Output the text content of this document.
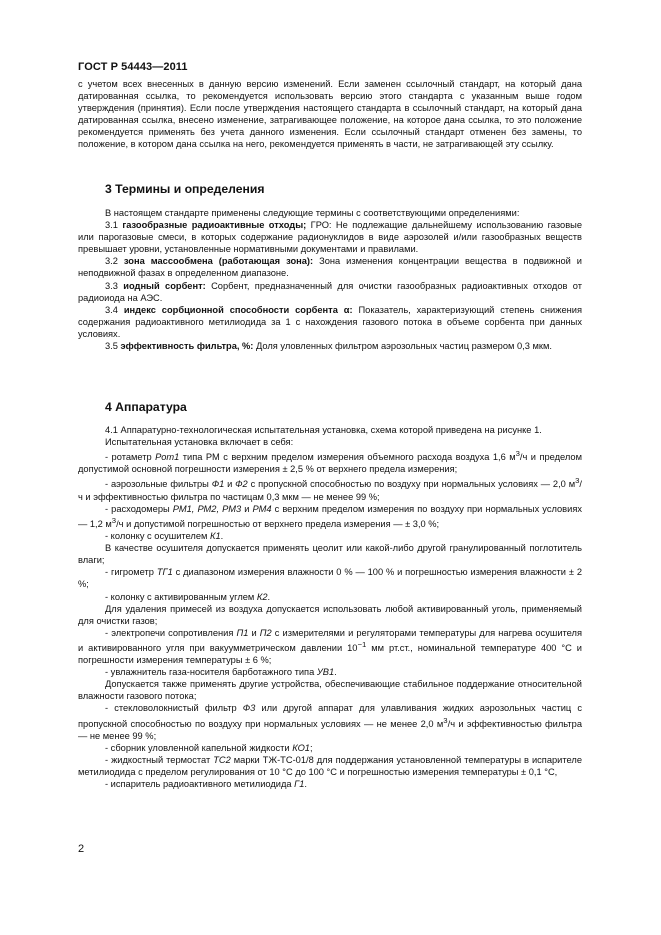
ГОСТ Р 54443—2011

с учетом всех внесенных в данную версию изменений. Если заменен ссылочный стандарт, на который дана датированная ссылка, то рекомендуется использовать версию этого стандарта с указанным выше годом утверждения (принятия). Если после утверждения настоящего стандарта в ссылочный стандарт, на который дана датированная ссылка, внесено изменение, затрагивающее положение, на которое дана ссылка, то это положение рекомендуется применять без учета данного изменения. Если ссылочный стандарт отменен без замены, то положение, в котором дана ссылка на него, рекомендуется применять в части, не затрагивающей эту ссылку.

3 Термины и определения

В настоящем стандарте применены следующие термины с соответствующими определениями:

3.1 газообразные радиоактивные отходы; ГРО: Не подлежащие дальнейшему использованию газовые или парогазовые смеси, в которых содержание радионуклидов в виде аэрозолей и/или газообразных веществ превышает уровни, установленные нормативными документами и правилами.

3.2 зона массообмена (работающая зона): Зона изменения концентрации вещества в подвижной и неподвижной фазах в определенном диапазоне.

3.3 иодный сорбент: Сорбент, предназначенный для очистки газообразных радиоактивных отходов от радиоиода на АЭС.

3.4 индекс сорбционной способности сорбента α: Показатель, характеризующий степень снижения содержания радиоактивного метилиодида за 1 с нахождения газового потока в объеме сорбента при данных условиях.

3.5 эффективность фильтра, %: Доля уловленных фильтром аэрозольных частиц размером 0,3 мкм.

4 Аппаратура

4.1 Аппаратурно-технологическая испытательная установка, схема которой приведена на рисунке 1.

Испытательная установка включает в себя:

- ротаметр Рот1 типа РМ с верхним пределом измерения объемного расхода воздуха 1,6 $м^3/ч$ и пределом допустимой основной погрешности измерения ± 2,5 % от верхнего предела измерения;

- аэрозольные фильтры Ф1 и Ф2 с пропускной способностью по воздуху при нормальных условиях — 2,0 $м^3/ч$ и эффективностью фильтра по частицам 0,3 мкм — не менее 99 %;

- расходомеры РМ1, РМ2, РМ3 и РМ4 с верхним пределом измерения по воздуху при нормальных условиях — 1,2 $м^3/ч$ и допустимой погрешностью от верхнего предела измерения — ± 3,0 %;

- колонку с осушителем К1.

В качестве осушителя допускается применять цеолит или какой-либо другой гранулированный поглотитель влаги;

- гигрометр ТГ1 с диапазоном измерения влажности 0 % — 100 % и погрешностью измерения влажности ± 2 %;

- колонку с активированным углем К2.

Для удаления примесей из воздуха допускается использовать любой активированный уголь, применяемый для очистки газов;

- электропечи сопротивления П1 и П2 с измерителями и регуляторами температуры для нагрева осушителя и активированного угля при вакуумметрическом давлении $10^{-1}$ мм рт.ст., номинальной температуре 400 °С и погрешности измерения температуры ± 6 %;

- увлажнитель газа-носителя барботажного типа УВ1.

Допускается также применять другие устройства, обеспечивающие стабильное поддержание относительной влажности газового потока;

- стекловолокнистый фильтр Ф3 или другой аппарат для улавливания жидких аэрозольных частиц с пропускной способностью по воздуху при нормальных условиях — не менее 2,0 $м^3/ч$ и эффективностью фильтра — не менее 99 %;

- сборник уловленной капельной жидкости КО1;

- жидкостный термостат ТС2 марки ТЖ-ТС-01/8 для поддержания установленной температуры в испарителе метилиодида с пределом регулирования от 10 °С до 100 °С и погрешностью измерения температуры ± 0,1 °С,

- испаритель радиоактивного метилиодида Г1.

2
